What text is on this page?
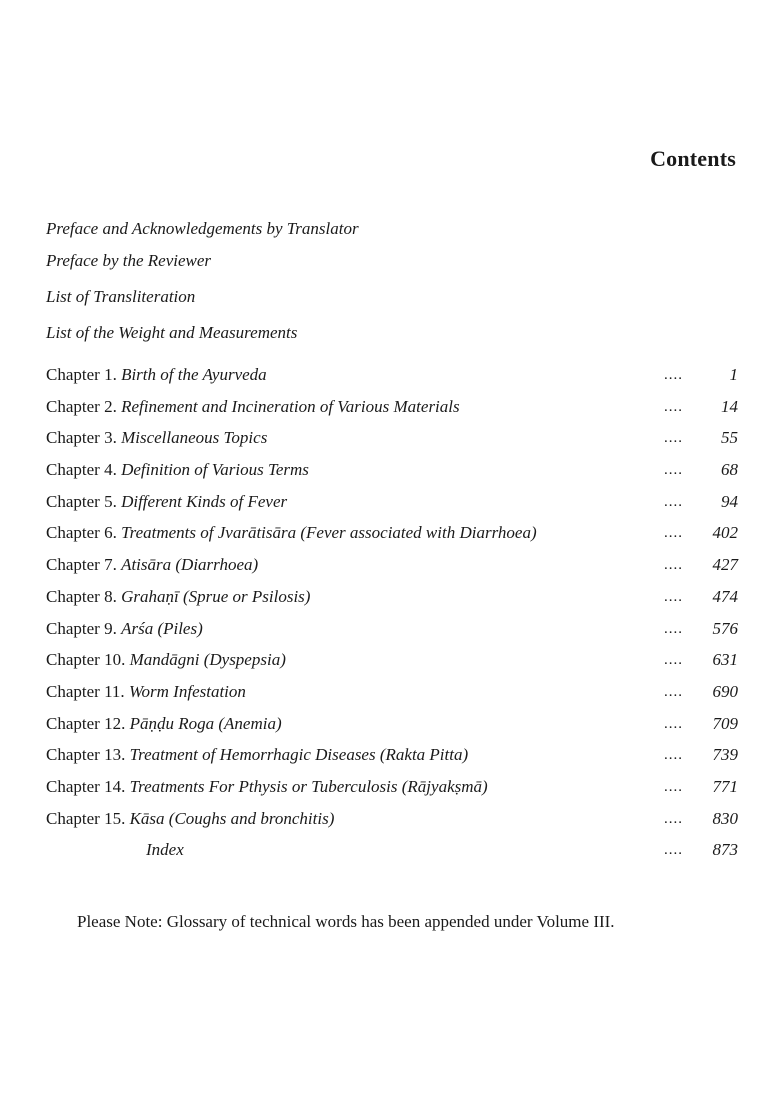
Contents
Preface and Acknowledgements by Translator
Preface by the Reviewer
List of Transliteration
List of the Weight and Measurements
Chapter 1. Birth of the Ayurveda	....	1
Chapter 2. Refinement and Incineration of Various Materials	....	14
Chapter 3. Miscellaneous Topics	....	55
Chapter 4. Definition of Various Terms	....	68
Chapter 5. Different Kinds of Fever	....	94
Chapter 6. Treatments of Jvarātisāra (Fever associated with Diarrhoea)	....	402
Chapter 7. Atisāra (Diarrhoea)	....	427
Chapter 8. Grahaṇī (Sprue or Psilosis)	....	474
Chapter 9. Arśa (Piles)	....	576
Chapter 10. Mandāgni (Dyspepsia)	....	631
Chapter 11. Worm Infestation	....	690
Chapter 12. Pāṇḍu Roga (Anemia)	....	709
Chapter 13. Treatment of Hemorrhagic Diseases (Rakta Pitta)	....	739
Chapter 14. Treatments For Pthysis or Tuberculosis (Rājyakṣmā)	....	771
Chapter 15. Kāsa (Coughs and bronchitis)	....	830
Index	....	873
Please Note: Glossary of technical words has been appended under Volume III.
